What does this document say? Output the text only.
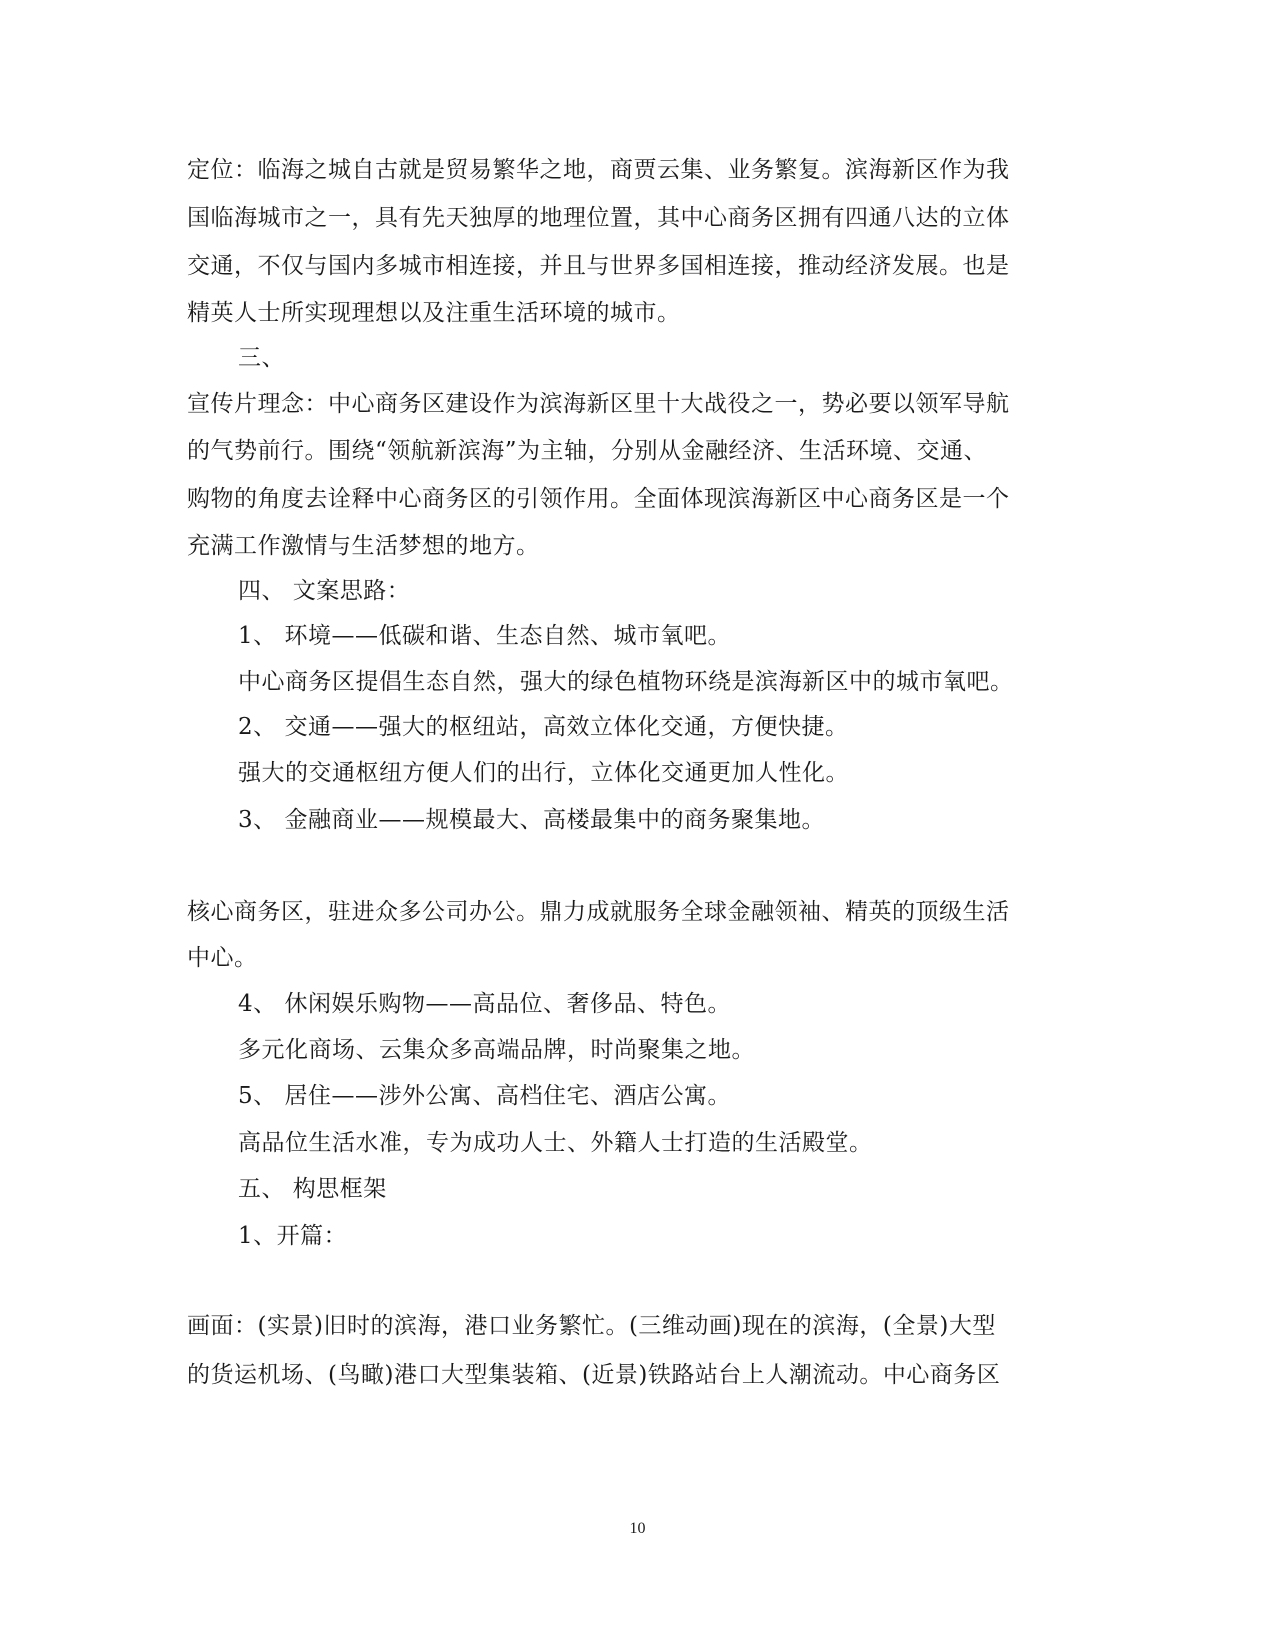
定位：临海之城自古就是贸易繁华之地，商贾云集、业务繁复。滨海新区作为我
国临海城市之一，具有先天独厚的地理位置，其中心商务区拥有四通八达的立体
交通，不仅与国内多城市相连接，并且与世界多国相连接，推动经济发展。也是
精英人士所实现理想以及注重生活环境的城市。
三、
宣传片理念：中心商务区建设作为滨海新区里十大战役之一，势必要以领军导航
的气势前行。围绕“领航新滨海”为主轴，分别从金融经济、生活环境、交通、
购物的角度去诠释中心商务区的引领作用。全面体现滨海新区中心商务区是一个
充满工作激情与生活梦想的地方。
四、 文案思路：
1、 环境——低碳和谐、生态自然、城市氧吧。
中心商务区提倡生态自然，强大的绿色植物环绕是滨海新区中的城市氧吧。
2、 交通——强大的枢纽站，高效立体化交通，方便快捷。
强大的交通枢纽方便人们的出行，立体化交通更加人性化。
3、 金融商业——规模最大、高楼最集中的商务聚集地。
核心商务区，驻进众多公司办公。鼎力成就服务全球金融领袖、精英的顶级生活
中心。
4、 休闲娱乐购物——高品位、奢侈品、特色。
多元化商场、云集众多高端品牌，时尚聚集之地。
5、 居住——涉外公寓、高档住宅、酒店公寓。
高品位生活水准，专为成功人士、外籍人士打造的生活殿堂。
五、 构思框架
1、开篇：
画面：(实景)旧时的滨海，港口业务繁忙。(三维动画)现在的滨海，(全景)大型
的货运机场、(鸟瞰)港口大型集装箱、(近景)铁路站台上人潮流动。中心商务区
10
